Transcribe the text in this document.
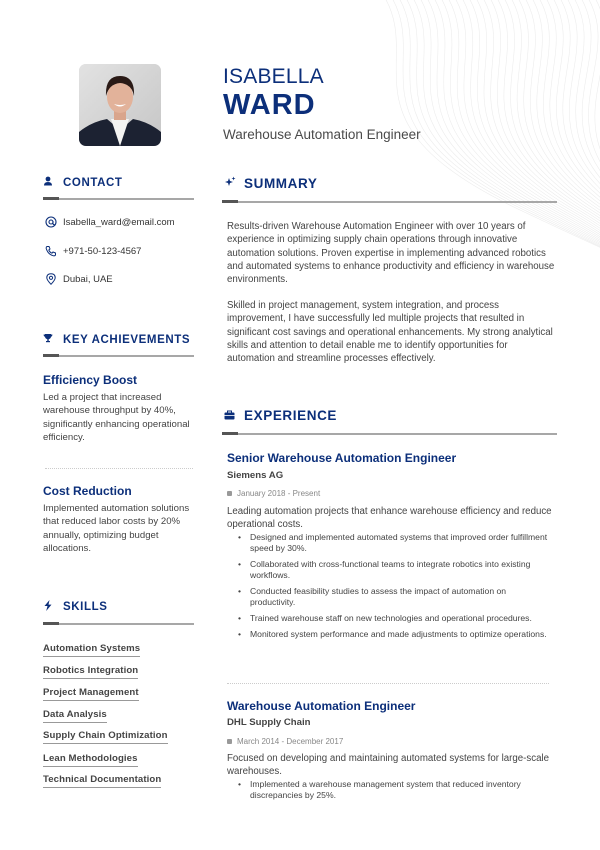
ISABELLA
WARD
Warehouse Automation Engineer
CONTACT
Isabella_ward@email.com
+971-50-123-4567
Dubai, UAE
KEY ACHIEVEMENTS
Efficiency Boost

Led a project that increased warehouse throughput by 40%, significantly enhancing operational efficiency.

Cost Reduction

Implemented automation solutions that reduced labor costs by 20% annually, optimizing budget allocations.

SKILLS
Automation Systems
Robotics Integration
Project Management
Data Analysis
Supply Chain Optimization
Lean Methodologies
Technical Documentation
SUMMARY

Results-driven Warehouse Automation Engineer with over 10 years of experience in optimizing supply chain operations through innovative automation solutions. Proven expertise in implementing advanced robotics and automated systems to enhance productivity and efficiency in warehouse environments.

Skilled in project management, system integration, and process improvement, I have successfully led multiple projects that resulted in significant cost savings and operational enhancements. My strong analytical skills and attention to detail enable me to identify opportunities for automation and streamline processes effectively.

EXPERIENCE
Senior Warehouse Automation Engineer
Siemens AG
January 2018 - Present

Leading automation projects that enhance warehouse efficiency and reduce operational costs.

• Designed and implemented automated systems that improved order fulfillment speed by 30%.
• Collaborated with cross-functional teams to integrate robotics into existing workflows.
• Conducted feasibility studies to assess the impact of automation on productivity.
• Trained warehouse staff on new technologies and operational procedures.
• Monitored system performance and made adjustments to optimize operations.
Warehouse Automation Engineer
DHL Supply Chain
March 2014 - December 2017

Focused on developing and maintaining automated systems for large-scale warehouses.

• Implemented a warehouse management system that reduced inventory discrepancies by 25%.
